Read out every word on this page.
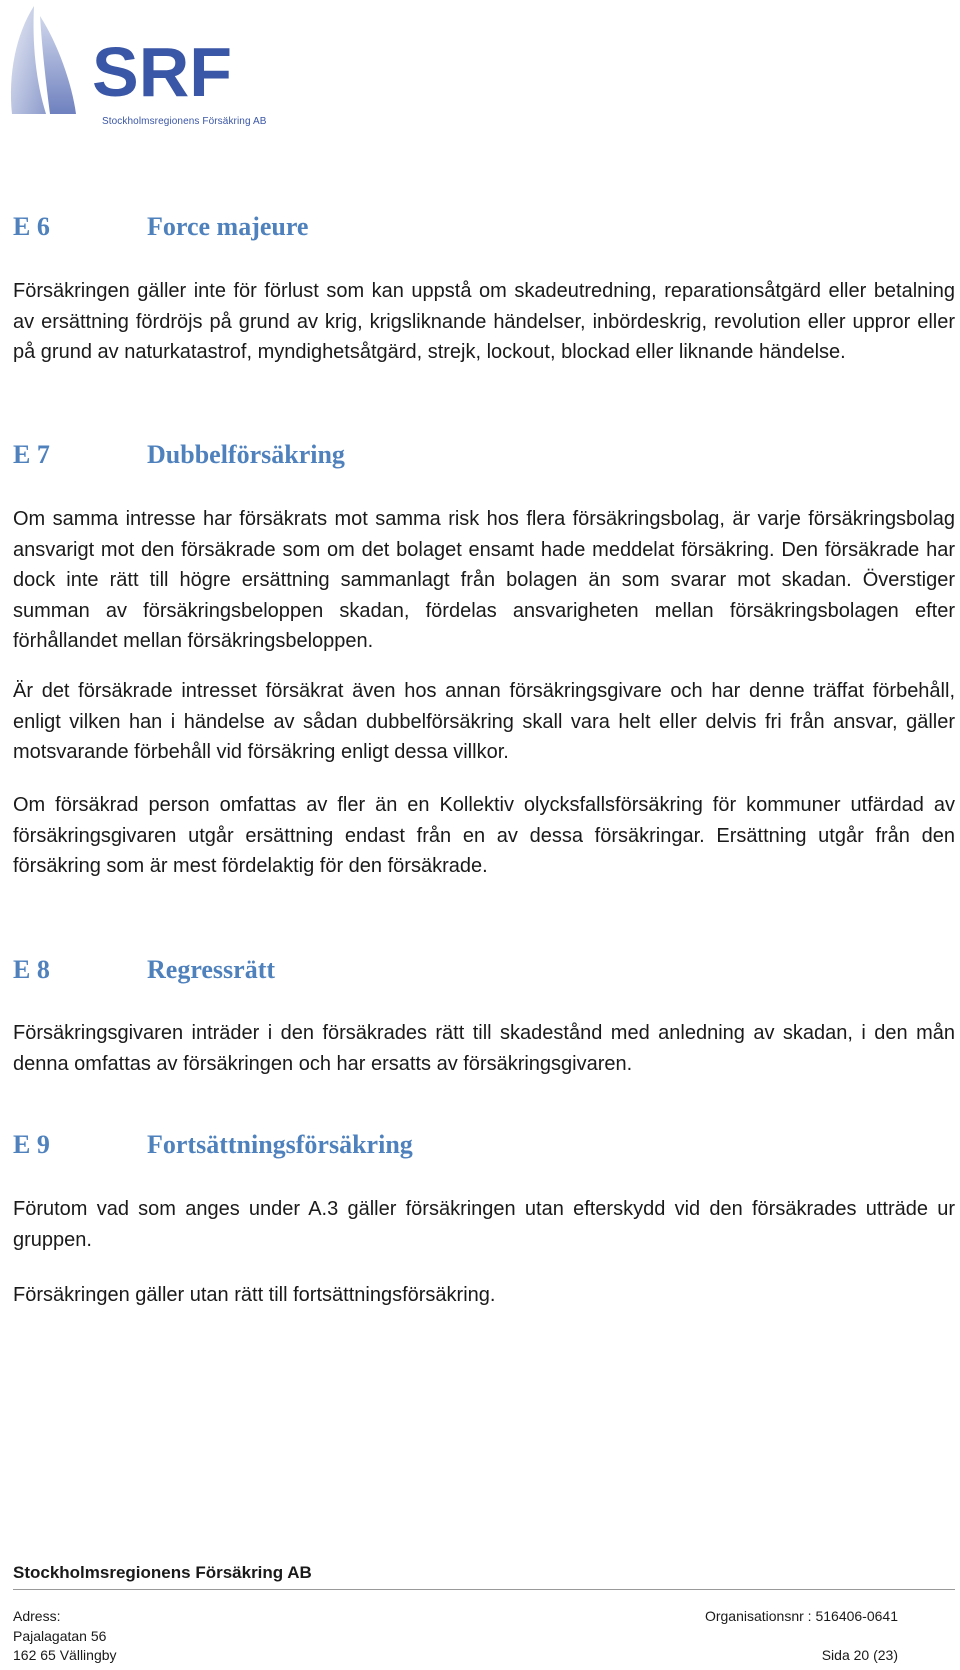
SRF
Stockholmsregionens Försäkring AB
E 6	Force majeure
Försäkringen gäller inte för förlust som kan uppstå om skadeutredning, reparationsåtgärd eller betalning av ersättning fördröjs på grund av krig, krigsliknande händelser, inbördeskrig, revolution eller uppror eller på grund av naturkatastrof, myndighetsåtgärd, strejk, lockout, blockad eller liknande händelse.
E 7	Dubbelförsäkring
Om samma intresse har försäkrats mot samma risk hos flera försäkringsbolag, är varje försäkringsbolag ansvarigt mot den försäkrade som om det bolaget ensamt hade meddelat försäkring. Den försäkrade har dock inte rätt till högre ersättning sammanlagt från bolagen än som svarar mot skadan. Överstiger summan av försäkringsbeloppen skadan, fördelas ansvarigheten mellan försäkringsbolagen efter förhållandet mellan försäkringsbeloppen.
Är det försäkrade intresset försäkrat även hos annan försäkringsgivare och har denne träffat förbehåll, enligt vilken han i händelse av sådan dubbelförsäkring skall vara helt eller delvis fri från ansvar, gäller motsvarande förbehåll vid försäkring enligt dessa villkor.
Om försäkrad person omfattas av fler än en Kollektiv olycksfallsförsäkring för kommuner utfärdad av försäkringsgivaren utgår ersättning endast från en av dessa försäkringar. Ersättning utgår från den försäkring som är mest fördelaktig för den försäkrade.
E 8	Regressrätt
Försäkringsgivaren inträder i den försäkrades rätt till skadestånd med anledning av skadan, i den mån denna omfattas av försäkringen och har ersatts av försäkringsgivaren.
E 9	Fortsättningsförsäkring
Förutom vad som anges under A.3 gäller försäkringen utan efterskydd vid den försäkrades utträde ur gruppen.
Försäkringen gäller utan rätt till fortsättningsförsäkring.
Stockholmsregionens Försäkring AB
Adress:	Organisationsnr : 516406-0641
Pajalagatan 56
162 65 Vällingby	Sida 20 (23)
